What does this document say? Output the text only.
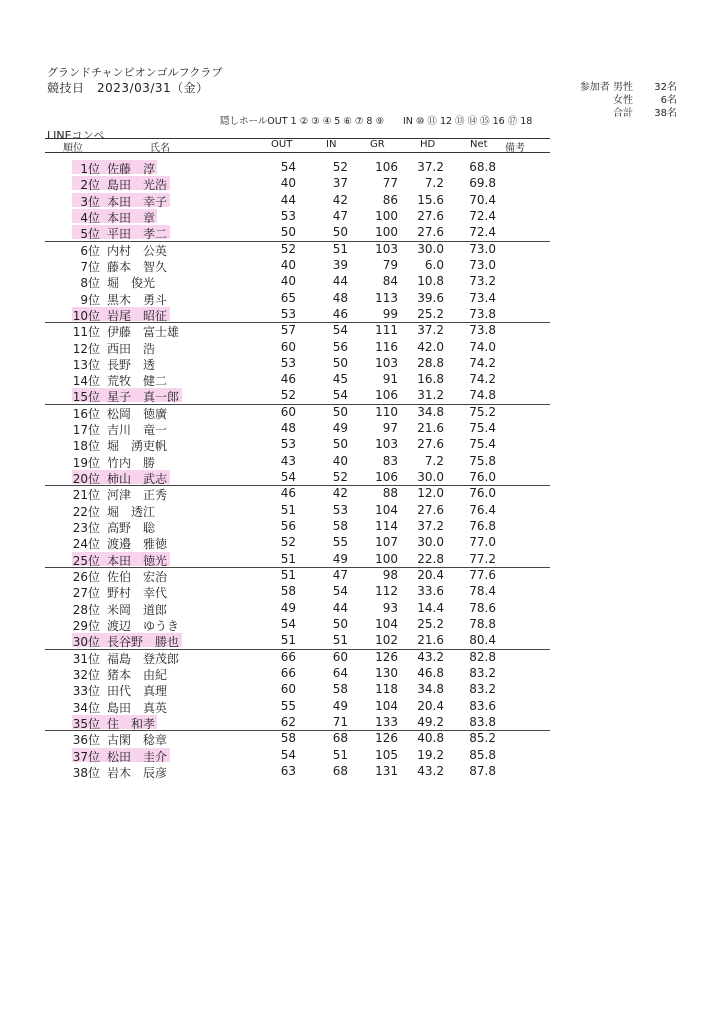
グランドチャンピオンゴルフクラブ
競技日　2023/03/31（金）	参加者 男性	32名
女性	6名
合計	38名
隠しホールOUT 1 ② ③ ④ 5 ⑥ ⑦ 8 ⑨　　IN ⑩ ⑪ 12 ⑬ ⑭ ⑮ 16 ⑰ 18
LINEコンペ
順位	氏名	OUT	IN	GR	HD	Net 備考
1位 佐藤　淳	54	52	106	37.2 68.8
2位 島田　光浩	40	37	77	7.2 69.8
3位 本田　幸子	44	42	86	15.6 70.4
4位 本田　章	53	47	100	27.6 72.4
5位 平田　孝二	50	50	100	27.6 72.4
6位 内村　公英	52	51	103	30.0 73.0
7位 藤本　智久	40	39	79	6.0 73.0
8位 堀　俊光	40	44	84	10.8 73.2
9位 黒木　勇斗	65	48	113	39.6 73.4
10位 岩尾　昭征	53	46	99	25.2 73.8
11位 伊藤　富士雄	57	54	111	37.2 73.8
12位 西田　浩	60	56	116	42.0 74.0
13位 長野　透	53	50	103	28.8 74.2
14位 荒牧　健二	46	45	91	16.8 74.2
15位 星子　真一郎	52	54	106	31.2 74.8
16位 松岡　徳廣	60	50	110	34.8 75.2
17位 吉川　竜一	48	49	97	21.6 75.4
18位 堀　湧吏帆	53	50	103	27.6 75.4
19位 竹内　勝	43	40	83	7.2 75.8
20位 柿山　武志	54	52	106	30.0 76.0
21位 河津　正秀	46	42	88	12.0 76.0
22位 堀　透江	51	53	104	27.6 76.4
23位 高野　聡	56	58	114	37.2 76.8
24位 渡邉　雅徳	52	55	107	30.0 77.0
25位 本田　徳光	51	49	100	22.8 77.2
26位 佐伯　宏治	51	47	98	20.4 77.6
27位 野村　幸代	58	54	112	33.6 78.4
28位 米岡　道郎	49	44	93	14.4 78.6
29位 渡辺　ゆうき	54	50	104	25.2 78.8
30位 長谷野　勝也	51	51	102	21.6 80.4
31位 福島　登茂郎	66	60	126	43.2 82.8
32位 猪本　由紀	66	64	130	46.8 83.2
33位 田代　真理	60	58	118	34.8 83.2
34位 島田　真英	55	49	104	20.4 83.6
35位 住　和孝	62	71	133	49.2 83.8
36位 古閑　稔章	58	68	126	40.8 85.2
37位 松田　圭介	54	51	105	19.2 85.8
38位 岩木　辰彦	63	68	131	43.2 87.8
